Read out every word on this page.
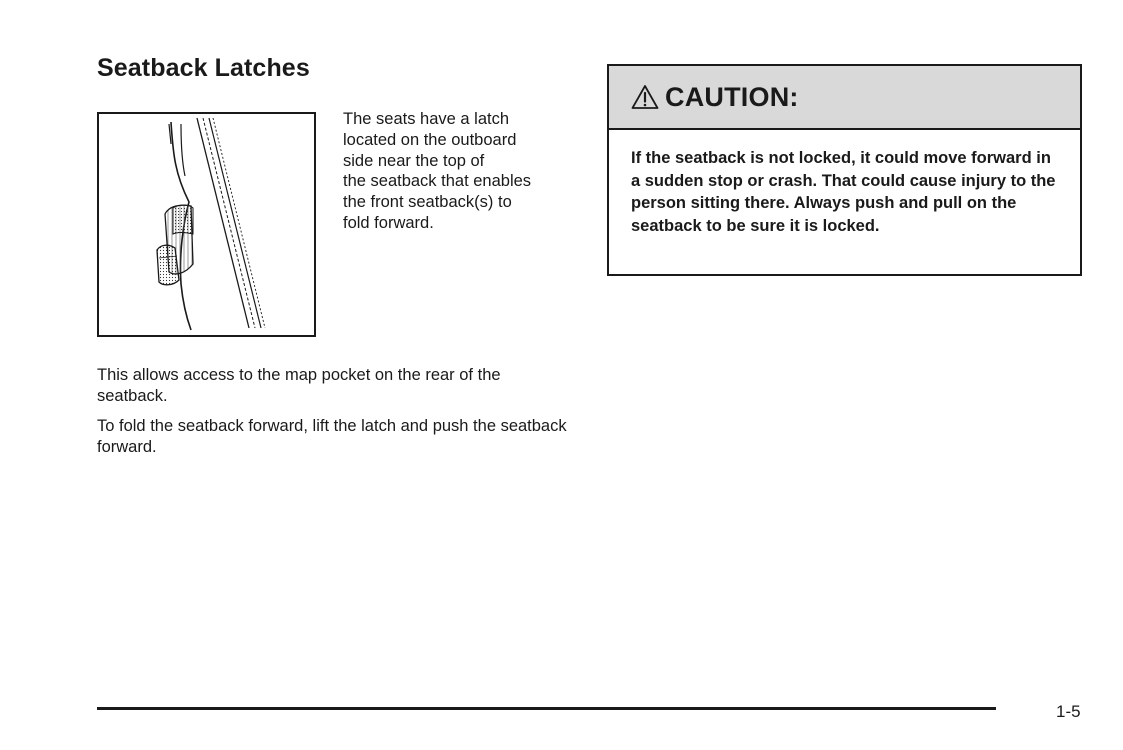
Seatback Latches

The seats have a latch
located on the outboard
side near the top of
the seatback that enables
the front seatback(s) to
fold forward.

This allows access to the map pocket on the rear of the seatback.

To fold the seatback forward, lift the latch and push the seatback forward.

CAUTION:

If the seatback is not locked, it could move forward in a sudden stop or crash. That could cause injury to the person sitting there. Always push and pull on the seatback to be sure it is locked.

1-5
